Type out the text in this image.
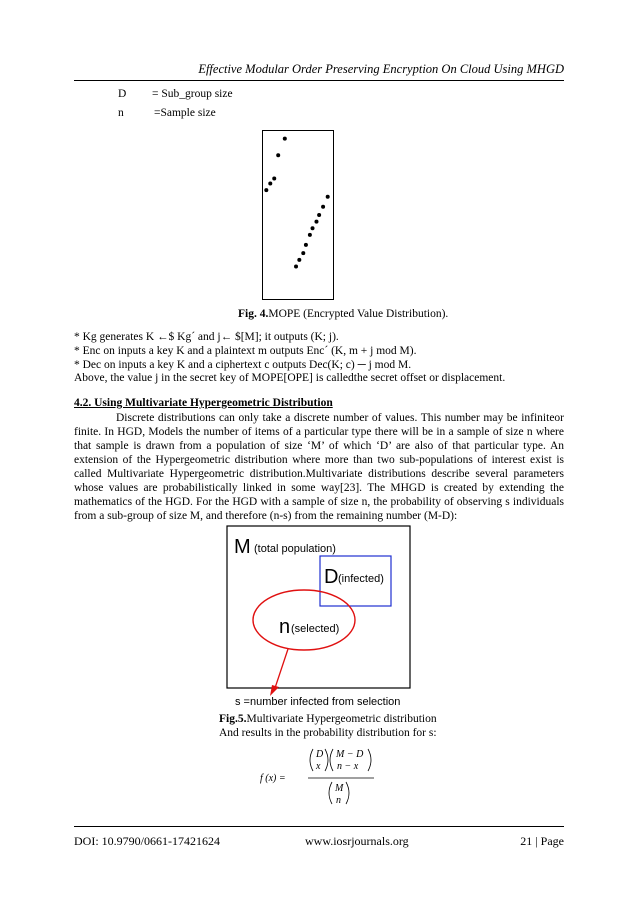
Effective Modular Order Preserving Encryption On Cloud Using MHGD
D = Sub_group size
n	=Sample size
Fig. 4.MOPE (Encrypted Value Distribution).
* Kg generates K ←$ Kg´ and j← $[M]; it outputs (K; j).
* Enc on inputs a key K and a plaintext m outputs Enc´ (K, m + j mod M).
* Dec on inputs a key K and a ciphertext c outputs Dec(K; c) ─ j mod M.
Above, the value j in the secret key of MOPE[OPE] is calledthe secret offset or displacement.
4.2. Using Multivariate Hypergeometric Distribution
Discrete distributions can only take a discrete number of values. This number may be infiniteor finite. In HGD, Models the number of items of a particular type there will be in a sample of size n where that sample is drawn from a population of size ‘M’ of which ‘D’ are also of that particular type. An extension of the Hypergeometric distribution where more than two sub-populations of interest exist is called Multivariate Hypergeometric distribution.Multivariate distributions describe several parameters whose values are probabilistically linked in some way[23]. The MHGD is created by extending the mathematics of the HGD. For the HGD with a sample of size n, the probability of observing s individuals from a sub-group of size M, and therefore (n-s) from the remaining number (M-D):
M (total population)
D (infected)
n (selected)
s =number infected from selection
Fig.5.Multivariate Hypergeometric distribution
And results in the probability distribution for s:
f (x) =
D
x
M − D
n − x
M
n
DOI: 10.9790/0661-17421624	www.iosrjournals.org	21 | Page
